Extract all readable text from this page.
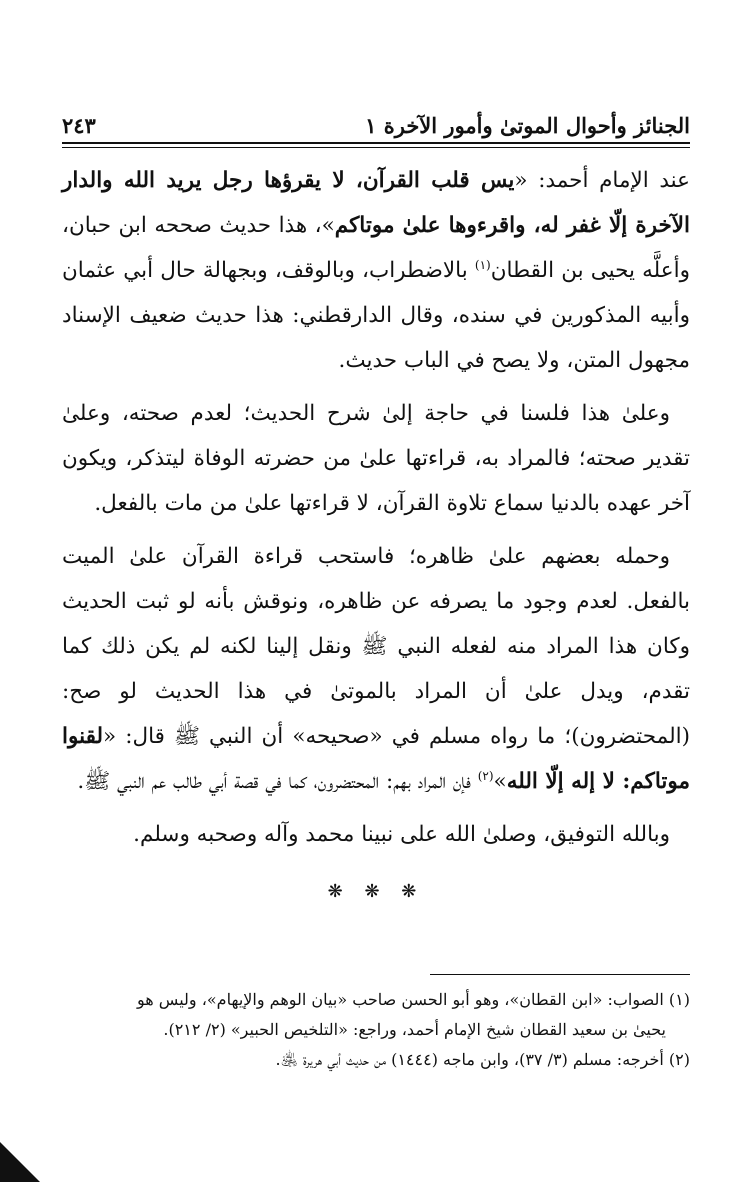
الجنائز وأحوال الموتىٰ وأمور الآخرة ١
٢٤٣

عند الإمام أحمد: «يس قلب القرآن، لا يقرؤها رجل يريد الله والدار الآخرة إلّا غفر له، واقرءوها علىٰ موتاكم»، هذا حديث صححه ابن حبان، وأعلَّه يحيى بن القطان$^{(١)}$ بالاضطراب، وبالوقف، وبجهالة حال أبي عثمان وأبيه المذكورين في سنده، وقال الدارقطني: هذا حديث ضعيف الإسناد مجهول المتن، ولا يصح في الباب حديث.

وعلىٰ هذا فلسنا في حاجة إلىٰ شرح الحديث؛ لعدم صحته، وعلىٰ تقدير صحته؛ فالمراد به، قراءتها علىٰ من حضرته الوفاة ليتذكر، ويكون آخر عهده بالدنيا سماع تلاوة القرآن، لا قراءتها علىٰ من مات بالفعل.

وحمله بعضهم علىٰ ظاهره؛ فاستحب قراءة القرآن علىٰ الميت بالفعل. لعدم وجود ما يصرفه عن ظاهره، ونوقش بأنه لو ثبت الحديث وكان هذا المراد منه لفعله النبي ﷺ ونقل إلينا لكنه لم يكن ذلك كما تقدم، ويدل علىٰ أن المراد بالموتىٰ في هذا الحديث لو صح: (المحتضرون)؛ ما رواه مسلم في «صحيحه» أن النبي ﷺ قال: «لقنوا موتاكم: لا إله إلّا الله»$^{(٢)}$ فإن المراد بهم: المحتضرون، كما في قصة أبي طالب عم النبي ﷺ.

وبالله التوفيق، وصلىٰ الله على نبينا محمد وآله وصحبه وسلم.

❋ ❋ ❋

(١) الصواب: «ابن القطان»، وهو أبو الحسن صاحب «بيان الوهم والإيهام»، وليس هو

يحيىٰ بن سعيد القطان شيخ الإمام أحمد، وراجع: «التلخيص الحبير» (٢/ ٢١٢).

(٢) أخرجه: مسلم (٣/ ٣٧)، وابن ماجه (١٤٤٤) من حديث أبي هريرة ﵁.
